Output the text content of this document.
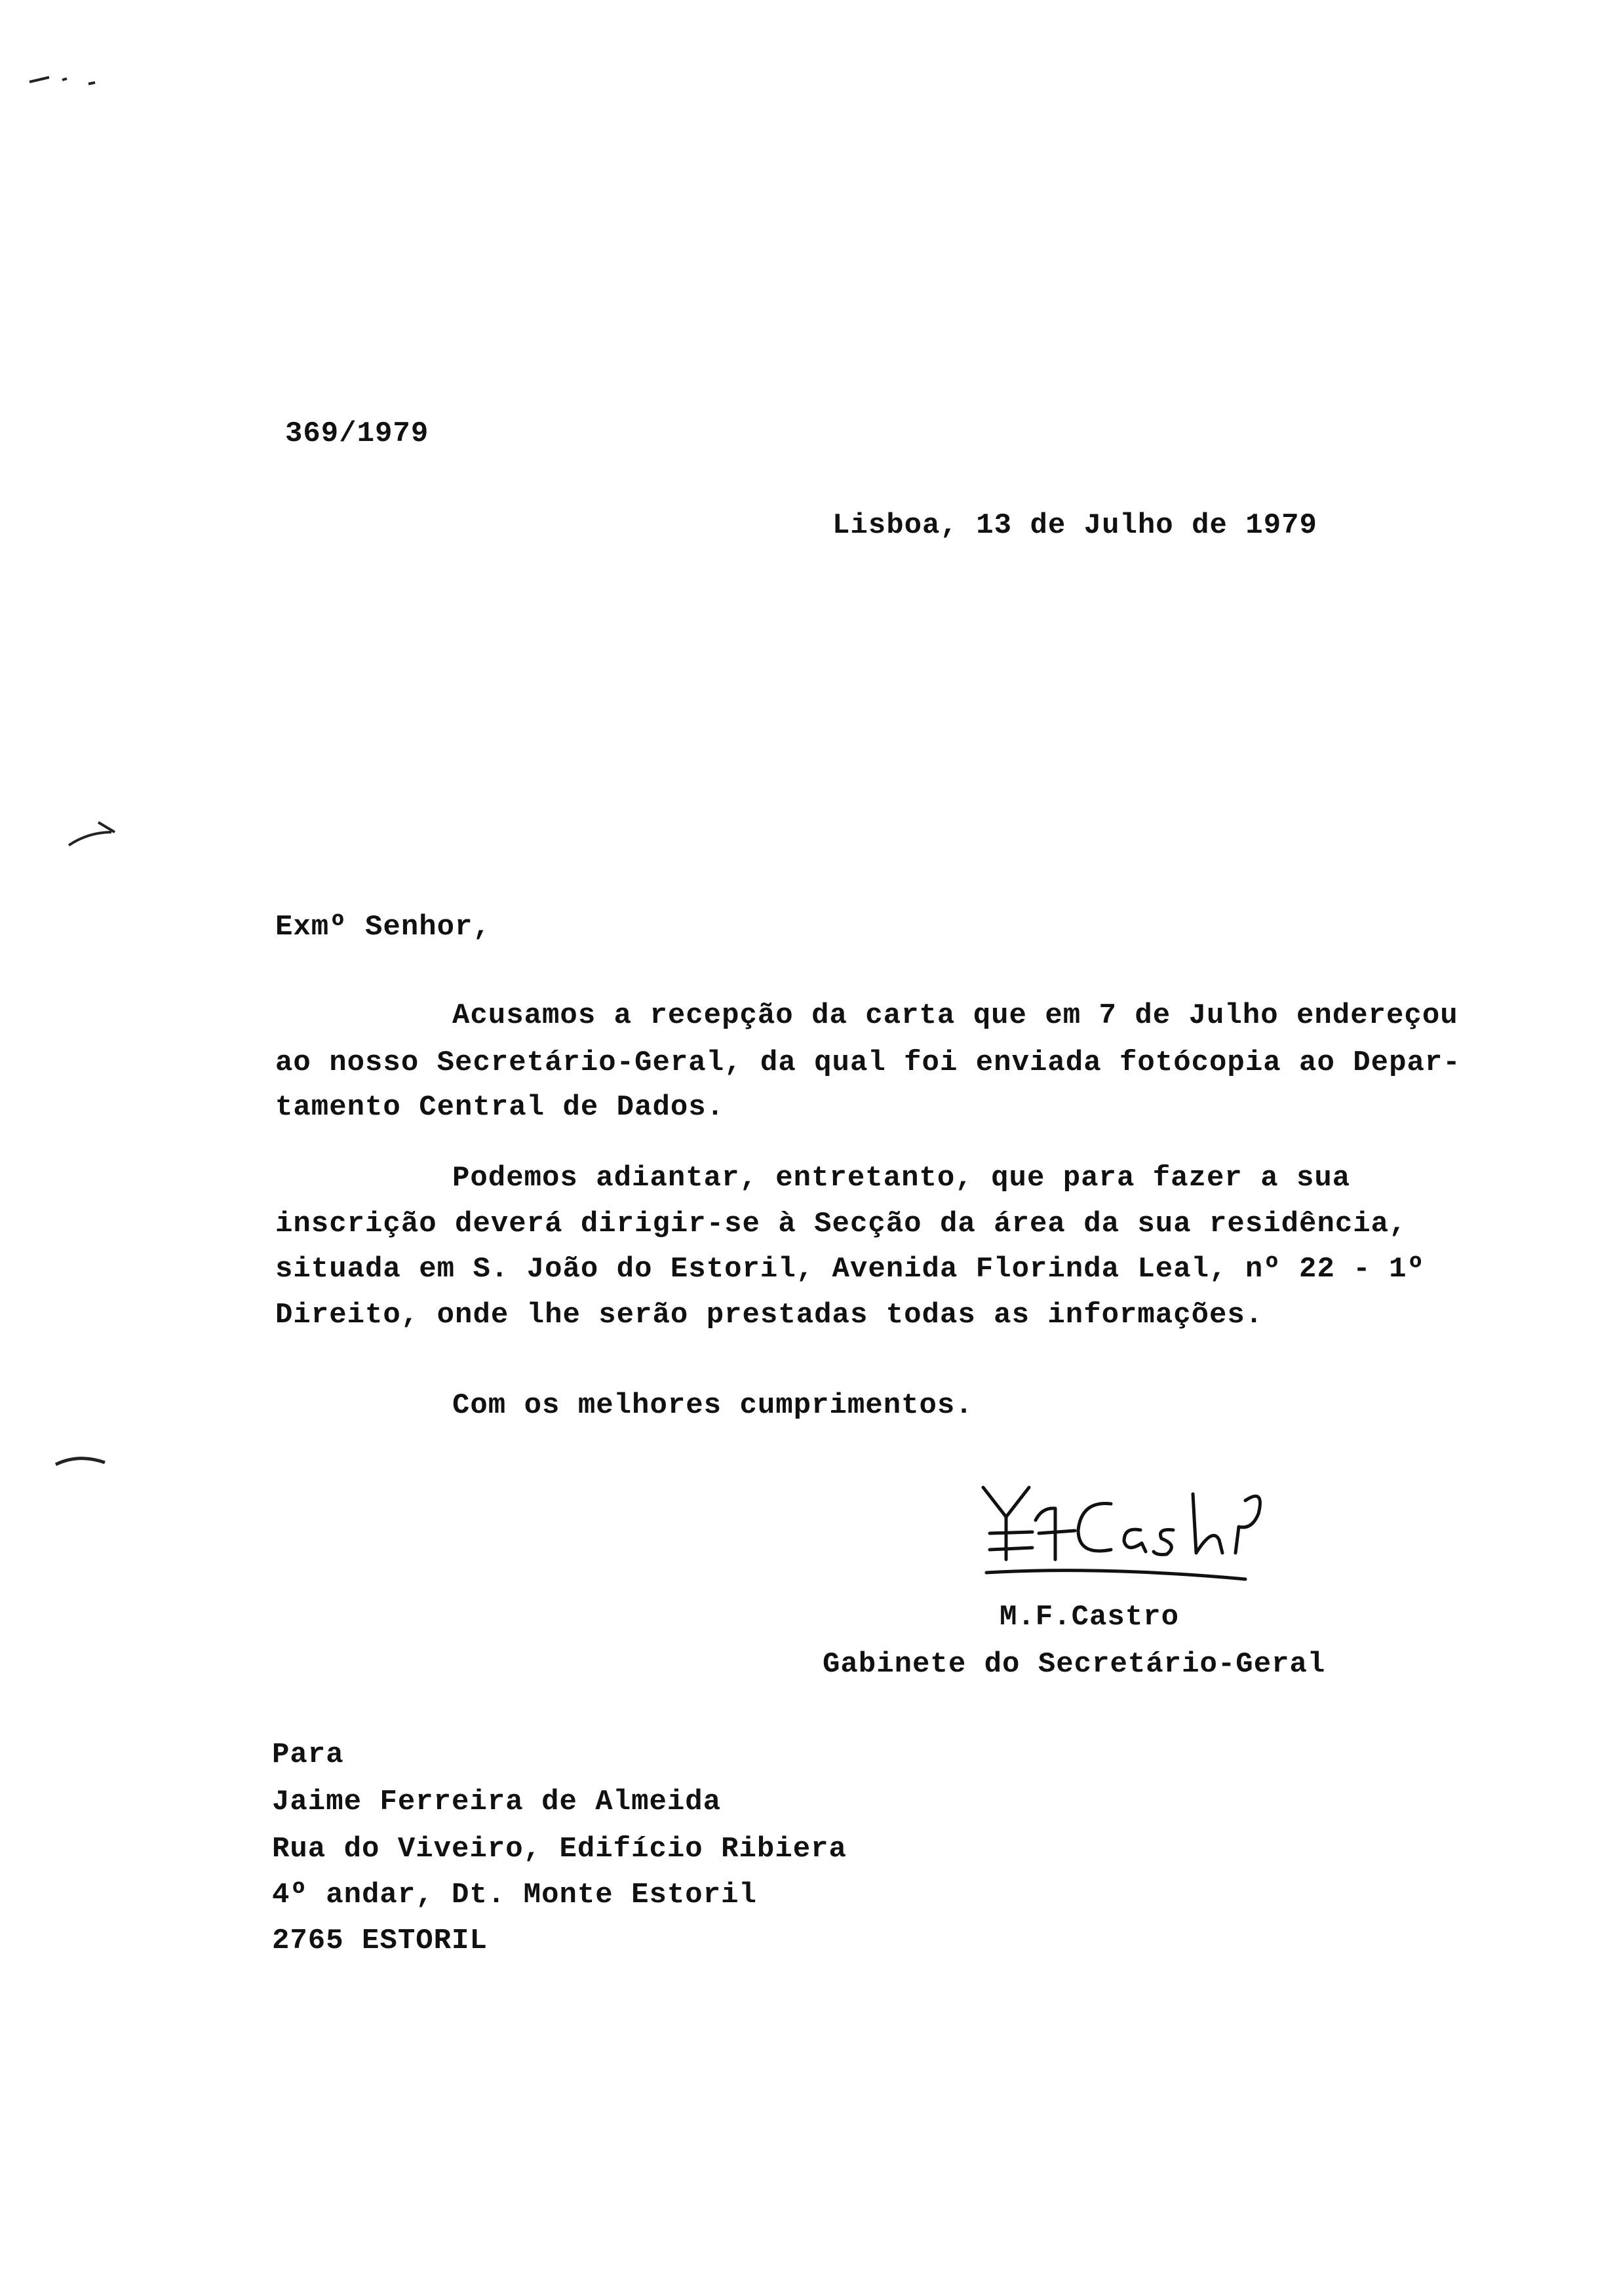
369/1979
Lisboa, 13 de Julho de 1979
Exmº Senhor,
Acusamos a recepção da carta que em 7 de Julho endereçou
ao nosso Secretário-Geral, da qual foi enviada fotócopia ao Depar-
tamento Central de Dados.
Podemos adiantar, entretanto, que para fazer a sua
inscrição deverá dirigir-se à Secção da área da sua residência,
situada em S. João do Estoril, Avenida Florinda Leal, nº 22 - 1º
Direito, onde lhe serão prestadas todas as informações.
Com os melhores cumprimentos.
M.F.Castro
Gabinete do Secretário-Geral
Para
Jaime Ferreira de Almeida
Rua do Viveiro, Edifício Ribiera
4º andar, Dt. Monte Estoril
2765 ESTORIL
